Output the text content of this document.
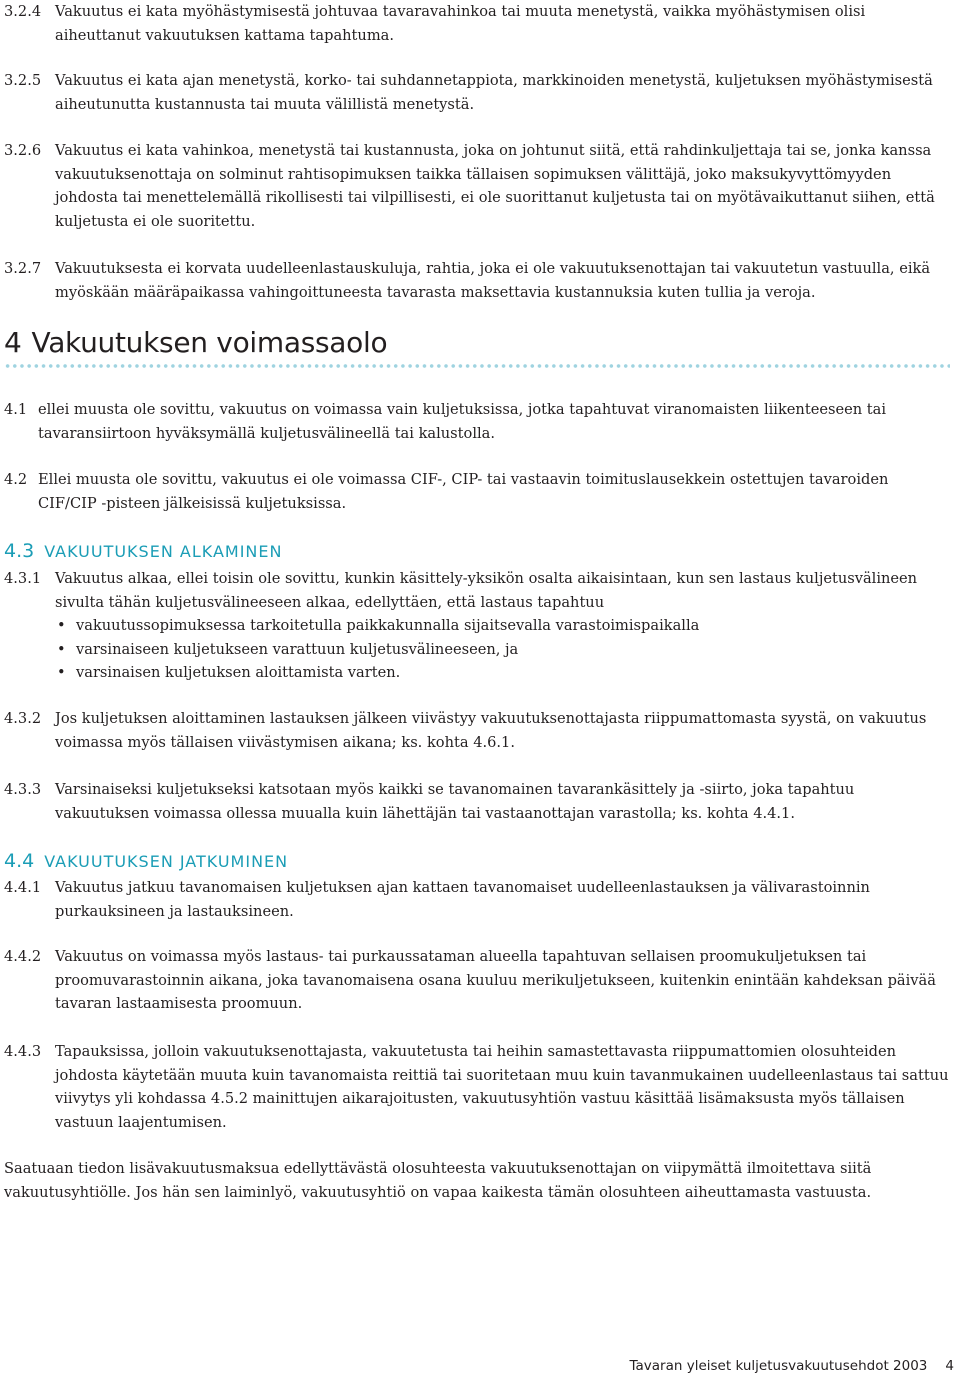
3.2.4 Vakuutus ei kata myöhästymisestä johtuvaa tavaravahinkoa tai muuta menetystä, vaikka myöhästymisen olisi aiheuttanut vakuutuksen kattama tapahtuma.
3.2.5 Vakuutus ei kata ajan menetystä, korko- tai suhdannetappiota, markkinoiden menetystä, kuljetuksen myöhästymisestä aiheutunutta kustannusta tai muuta välillistä menetystä.
3.2.6 Vakuutus ei kata vahinkoa, menetystä tai kustannusta, joka on johtunut siitä, että rahdinkuljettaja tai se, jonka kanssa vakuutuksenottaja on solminut rahtisopimuksen taikka tällaisen sopimuksen välittäjä, joko maksukyvyttömyyden johdosta tai menettelemällä rikollisesti tai vilpillisesti, ei ole suorittanut kuljetusta tai on myötävaikuttanut siihen, että kuljetusta ei ole suoritettu.
3.2.7 Vakuutuksesta ei korvata uudelleenlastauskuluja, rahtia, joka ei ole vakuutuksenottajan tai vakuutetun vastuulla, eikä myöskään määräpaikassa vahingoittuneesta tavarasta maksettavia kustannuksia kuten tullia ja veroja.
4 Vakuutuksen voimassaolo
4.1 ellei muusta ole sovittu, vakuutus on voimassa vain kuljetuksissa, jotka tapahtuvat viranomaisten liikenteeseen tai tavaransiirtoon hyväksymällä kuljetusvälineellä tai kalustolla.
4.2 Ellei muusta ole sovittu, vakuutus ei ole voimassa CIF-, CIP- tai vastaavin toimituslausekkein ostettujen tavaroiden CIF/CIP -pisteen jälkeisissä kuljetuksissa.
4.3 VAKUUTUKSEN ALKAMINEN
4.3.1 Vakuutus alkaa, ellei toisin ole sovittu, kunkin käsittely-yksikön osalta aikaisintaan, kun sen lastaus kuljetusvälineen sivulta tähän kuljetusvälineeseen alkaa, edellyttäen, että lastaus tapahtuu
• vakuutussopimuksessa tarkoitetulla paikkakunnalla sijaitsevalla varastoimispaikalla
• varsinaiseen kuljetukseen varattuun kuljetusvälineeseen, ja
• varsinaisen kuljetuksen aloittamista varten.
4.3.2 Jos kuljetuksen aloittaminen lastauksen jälkeen viivästyy vakuutuksenottajasta riippumattomasta syystä, on vakuutus voimassa myös tällaisen viivästymisen aikana; ks. kohta 4.6.1.
4.3.3 Varsinaiseksi kuljetukseksi katsotaan myös kaikki se tavanomainen tavarankäsittely ja -siirto, joka tapahtuu vakuutuksen voimassa ollessa muualla kuin lähettäjän tai vastaanottajan varastolla; ks. kohta 4.4.1.
4.4 VAKUUTUKSEN JATKUMINEN
4.4.1 Vakuutus jatkuu tavanomaisen kuljetuksen ajan kattaen tavanomaiset uudelleenlastauksen ja välivarastoinnin purkauksineen ja lastauksineen.
4.4.2 Vakuutus on voimassa myös lastaus- tai purkaussataman alueella tapahtuvan sellaisen proomukuljetuksen tai proomuvarastoinnin aikana, joka tavanomaisena osana kuuluu merikuljetukseen, kuitenkin enintään kahdeksan päivää tavaran lastaamisesta proomuun.
4.4.3 Tapauksissa, jolloin vakuutuksenottajasta, vakuutetusta tai heihin samastettavasta riippumattomien olosuhteiden johdosta käytetään muuta kuin tavanomaista reittiä tai suoritetaan muu kuin tavanmukainen uudelleenlastaus tai sattuu viivytys yli kohdassa 4.5.2 mainittujen aikarajoitusten, vakuutusyhtiön vastuu käsittää lisämaksusta myös tällaisen vastuun laajentumisen.
Saatuaan tiedon lisävakuutusmaksua edellyttävästä olosuhteesta vakuutuksenottajan on viipymättä ilmoitettava siitä vakuutusyhtiölle. Jos hän sen laiminlyö, vakuutusyhtiö on vapaa kaikesta tämän olosuhteen aiheuttamasta vastuusta.
Tavaran yleiset kuljetusvakuutusehdot 2003 4
